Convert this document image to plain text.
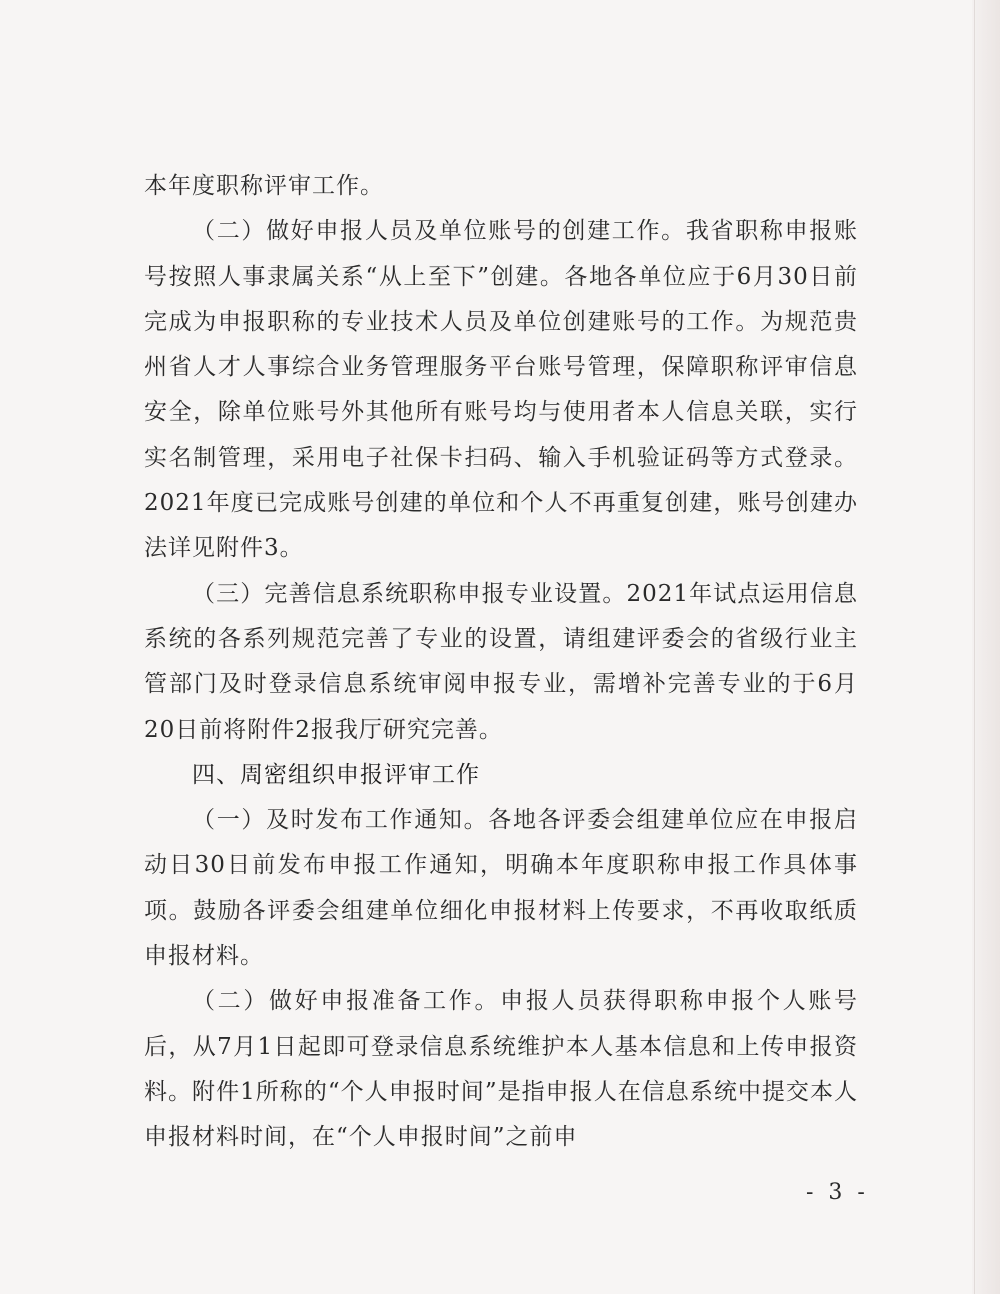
本年度职称评审工作。

（二）做好申报人员及单位账号的创建工作。我省职称申报账号按照人事隶属关系“从上至下”创建。各地各单位应于6月30日前完成为申报职称的专业技术人员及单位创建账号的工作。为规范贵州省人才人事综合业务管理服务平台账号管理，保障职称评审信息安全，除单位账号外其他所有账号均与使用者本人信息关联，实行实名制管理，采用电子社保卡扫码、输入手机验证码等方式登录。2021年度已完成账号创建的单位和个人不再重复创建，账号创建办法详见附件3。

（三）完善信息系统职称申报专业设置。2021年试点运用信息系统的各系列规范完善了专业的设置，请组建评委会的省级行业主管部门及时登录信息系统审阅申报专业，需增补完善专业的于6月20日前将附件2报我厅研究完善。

四、周密组织申报评审工作

（一）及时发布工作通知。各地各评委会组建单位应在申报启动日30日前发布申报工作通知，明确本年度职称申报工作具体事项。鼓励各评委会组建单位细化申报材料上传要求，不再收取纸质申报材料。

（二）做好申报准备工作。申报人员获得职称申报个人账号后，从7月1日起即可登录信息系统维护本人基本信息和上传申报资料。附件1所称的“个人申报时间”是指申报人在信息系统中提交本人申报材料时间，在“个人申报时间”之前申

- 3 -
